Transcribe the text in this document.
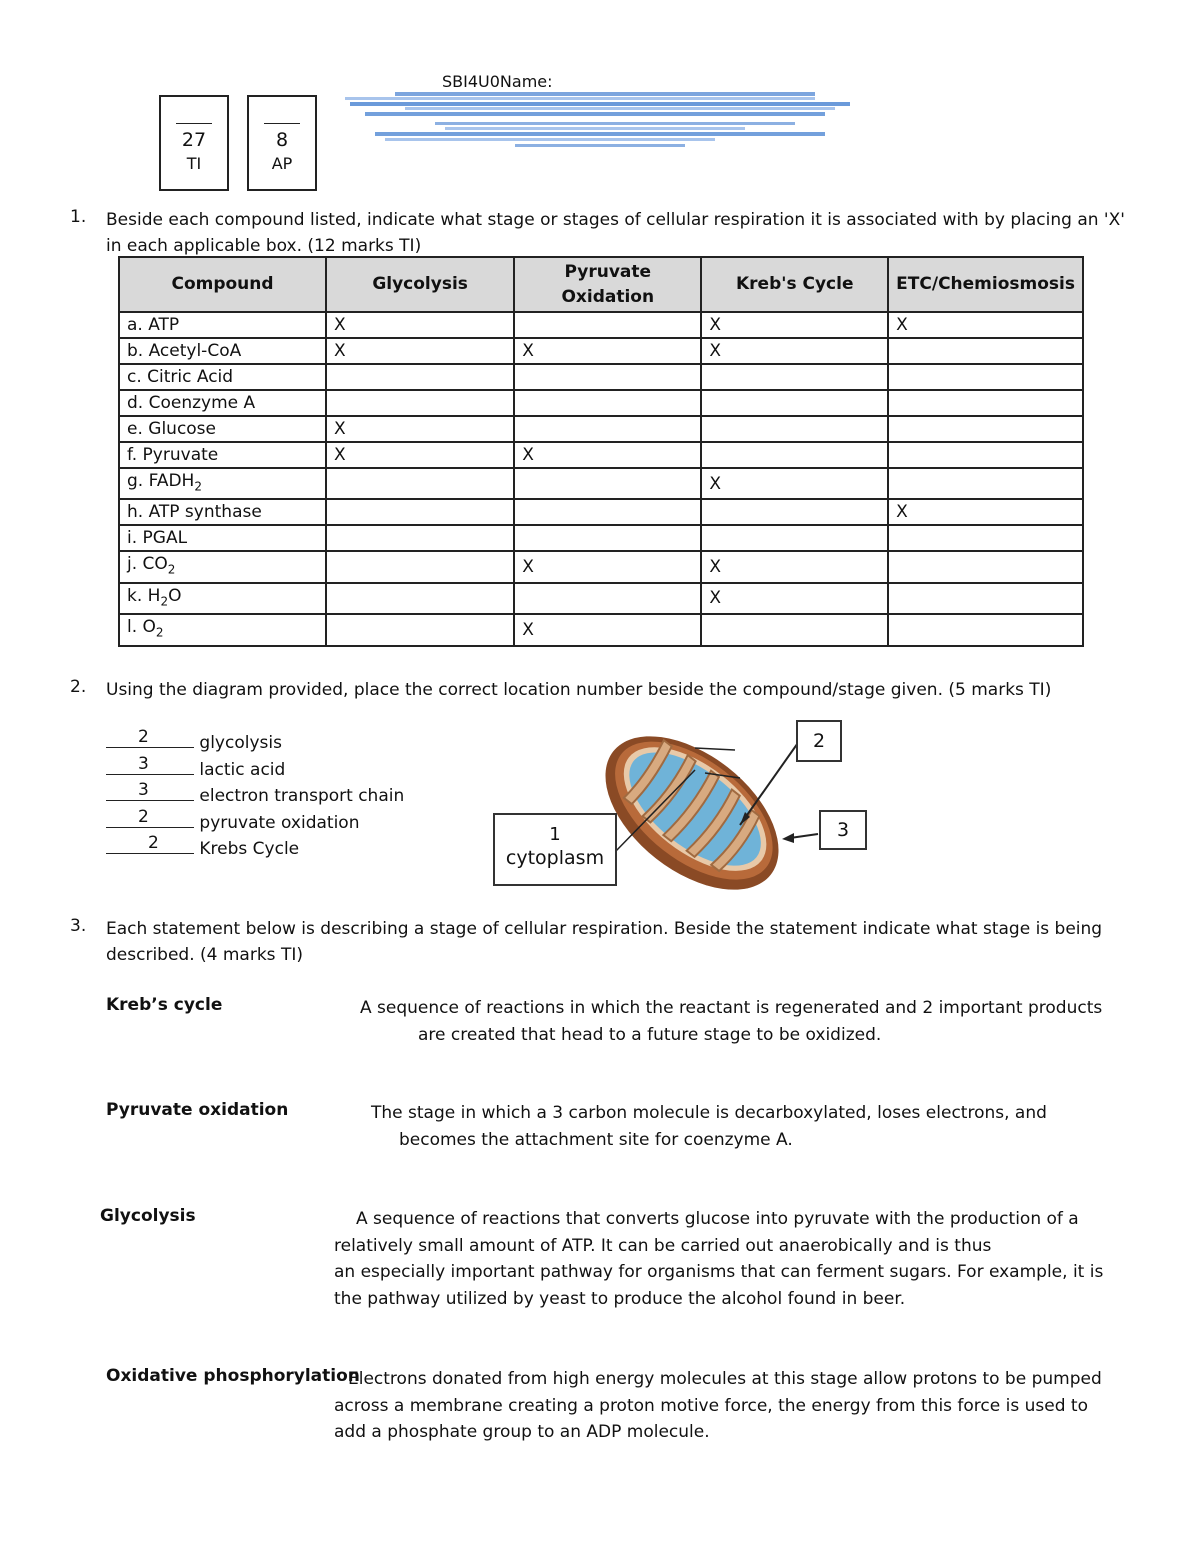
SBI4U0Name:
27
TI
8
AP
1.	Beside each compound listed, indicate what stage or stages of cellular respiration it is associated with by placing an 'X' in each applicable box. (12 marks TI)
Compound	Glycolysis	Pyruvate Oxidation	Kreb's Cycle	ETC/Chemiosmosis
a. ATP	X		X	X
b. Acetyl-CoA	X	X	X	
c. Citric Acid				
d. Coenzyme A				
e. Glucose	X			
f. Pyruvate	X	X		
g. $FADH_2$			X	
h. ATP synthase				X
i. PGAL				
j. $CO_2$		X	X	
k. $H_2O$			X	
l. $O_2$		X		
2.	Using the diagram provided, place the correct location number beside the compound/stage given. (5 marks TI)
2	glycolysis
3	lactic acid
3	electron transport chain
2	pyruvate oxidation
2 Krebs Cycle
1
cytoplasm
2
3
3.	Each statement below is describing a stage of cellular respiration. Beside the statement indicate what stage is being described. (4 marks TI)
Kreb’s cycle	A sequence of reactions in which the reactant is regenerated and 2 important products
are created that head to a future stage to be oxidized.
Pyruvate oxidation	The stage in which a 3 carbon molecule is decarboxylated, loses electrons, and
becomes the attachment site for coenzyme A.
Glycolysis	A sequence of reactions that converts glucose into pyruvate with the production of a
relatively small amount of ATP. It can be carried out anaerobically and is thus
an especially important pathway for organisms that can ferment sugars. For example, it is
the pathway utilized by yeast to produce the alcohol found in beer.
Oxidative phosphorylation
Electrons donated from high energy molecules at this stage allow protons to be pumped
across a membrane creating a proton motive force, the energy from this force is used to
add a phosphate group to an ADP molecule.
